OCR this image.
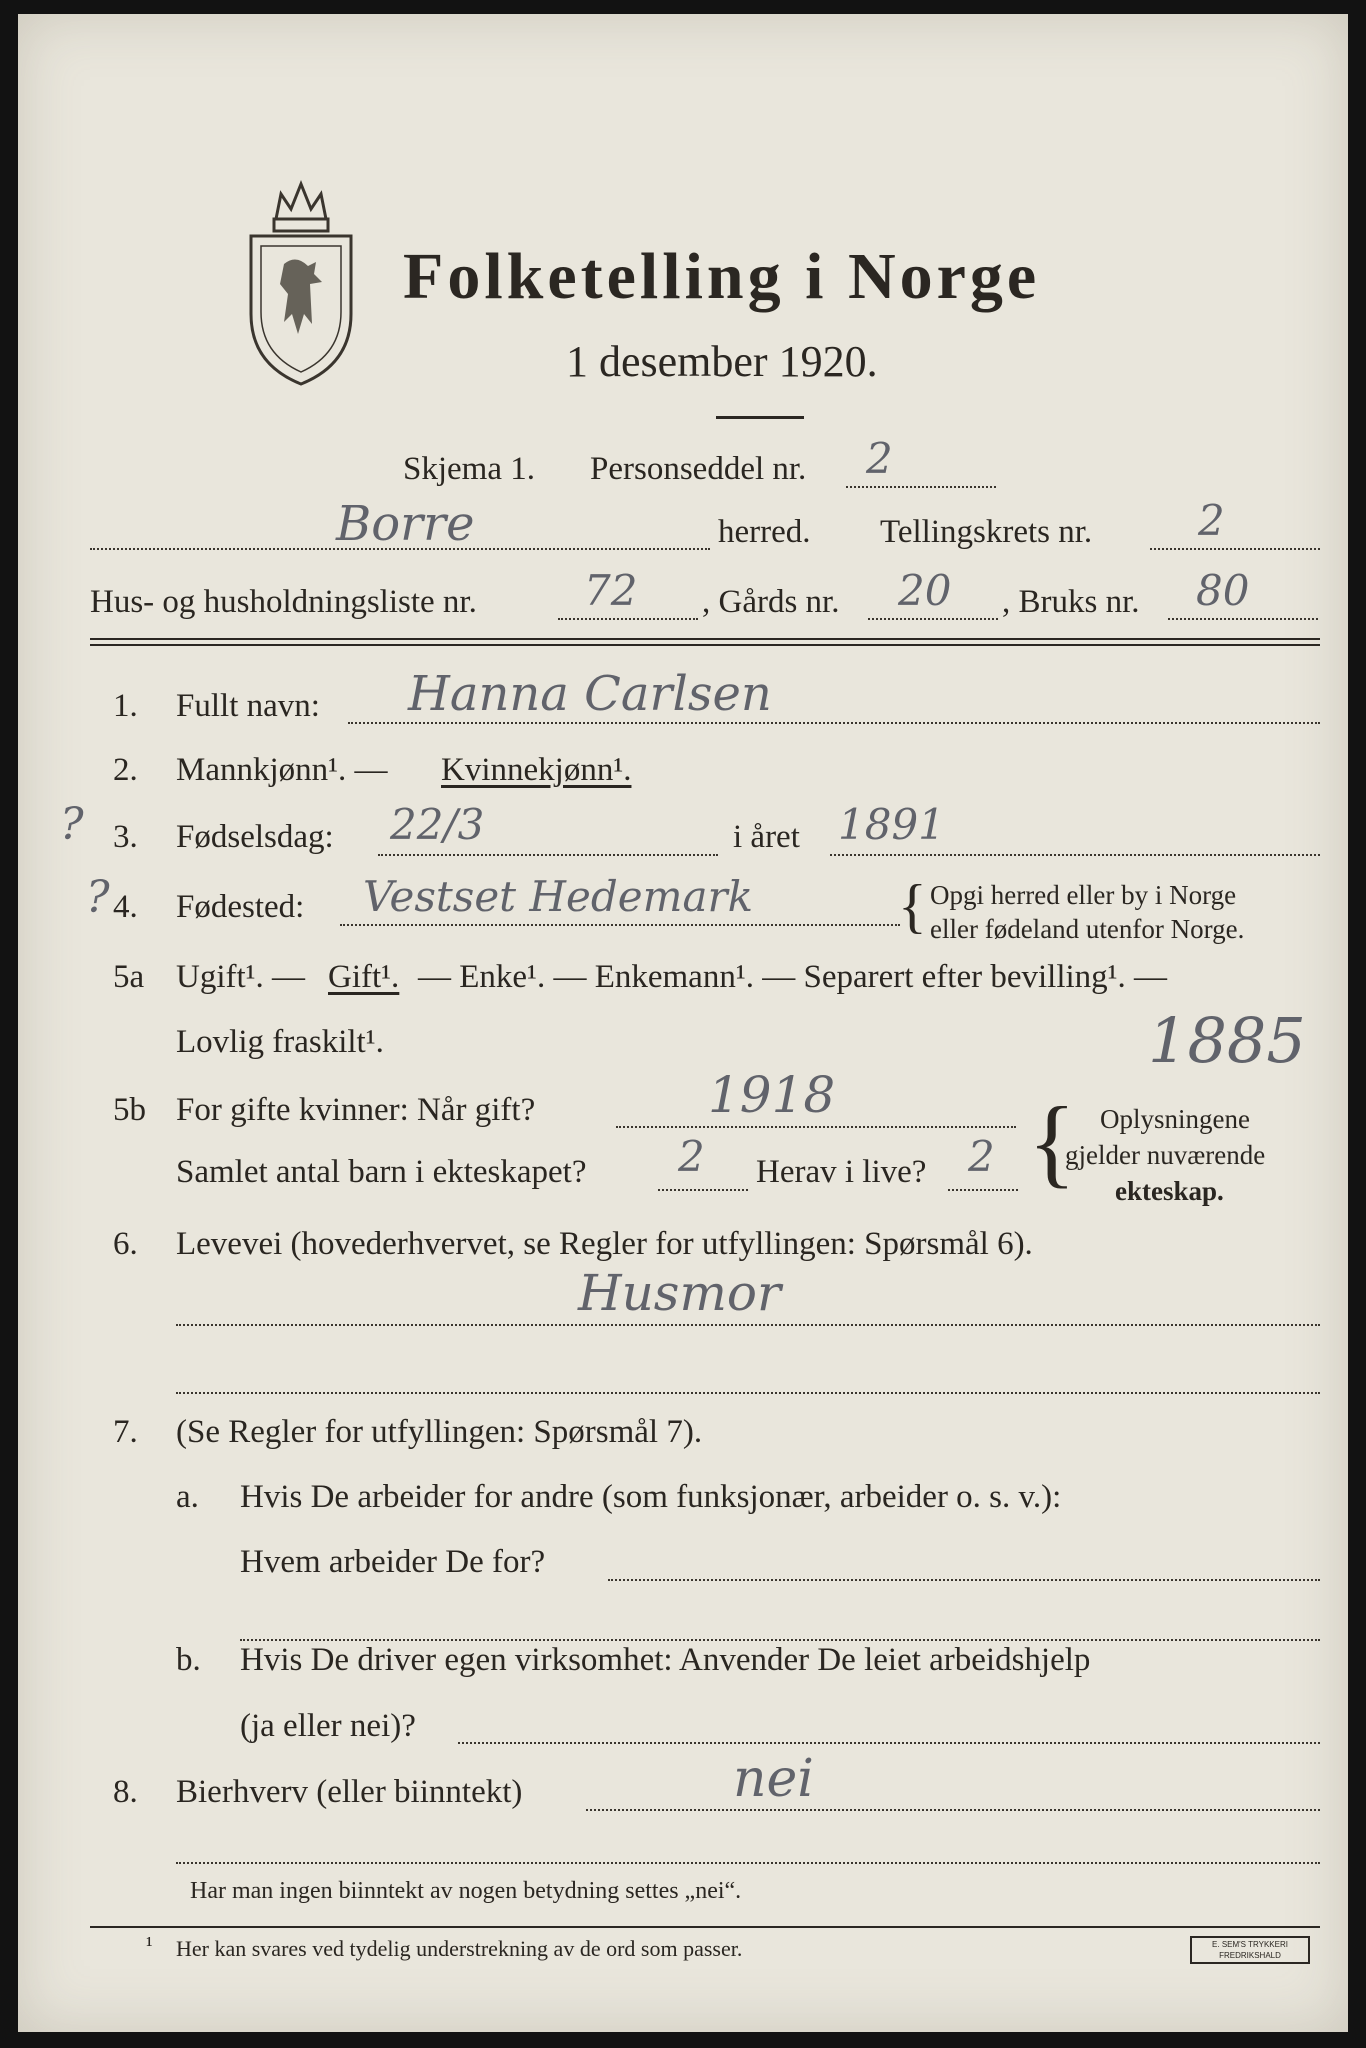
Folketelling i Norge
1 desember 1920.
Skjema 1. Personseddel nr. 2
Borre	herred. Tellingskrets nr.	2
Hus- og husholdningsliste nr.	72 , Gårds nr. 20 , Bruks nr. 80
1. Fullt navn: Hanna Carlsen
2. Mannkjønn¹. — Kvinnekjønn¹.
?
?
3. Fødselsdag: 22/3	i året 1891
4. Fødested: Vestset Hedemark { Opgi herred eller by i Norge
eller fødeland utenfor Norge.
5a Ugift¹. — Gift¹. — Enke¹. — Enkemann¹. — Separert efter bevilling¹. —
Lovlig fraskilt¹.	1885
5b For gifte kvinner: Når gift?	1918
Samlet antal barn i ekteskapet? 2 Herav i live? 2 { Oplysningene
gjelder nuværende
ekteskap.
6. Levevei (hovederhvervet, se Regler for utfyllingen: Spørsmål 6).
Husmor
7. (Se Regler for utfyllingen: Spørsmål 7).
a. Hvis De arbeider for andre (som funksjonær, arbeider o. s. v.):
Hvem arbeider De for?
b. Hvis De driver egen virksomhet: Anvender De leiet arbeidshjelp
(ja eller nei)?
8. Bierhverv (eller biinntekt)	nei
Har man ingen biinntekt av nogen betydning settes „nei“.
¹ Her kan svares ved tydelig understrekning av de ord som passer.	E. SEM'S TRYKKERI
FREDRIKSHALD
